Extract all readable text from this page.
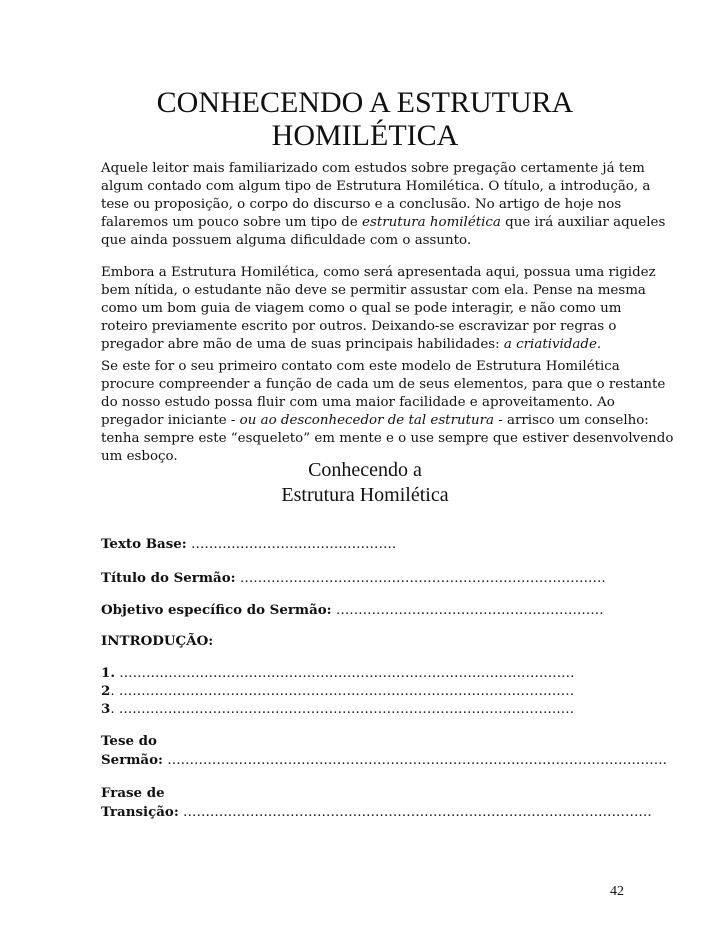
CONHECENDO A ESTRUTURA
HOMILÉTICA
Aquele leitor mais familiarizado com estudos sobre pregação certamente já tem
algum contado com algum tipo de Estrutura Homilética. O título, a introdução, a
tese ou proposição, o corpo do discurso e a conclusão. No artigo de hoje nos
falaremos um pouco sobre um tipo de estrutura homilética que irá auxiliar aqueles
que ainda possuem alguma dificuldade com o assunto.
Embora a Estrutura Homilética, como será apresentada aqui, possua uma rigidez
bem nítida, o estudante não deve se permitir assustar com ela. Pense na mesma
como um bom guia de viagem como o qual se pode interagir, e não como um
roteiro previamente escrito por outros. Deixando-se escravizar por regras o
pregador abre mão de uma de suas principais habilidades: a criatividade.
Se este for o seu primeiro contato com este modelo de Estrutura Homilética
procure compreender a função de cada um de seus elementos, para que o restante
do nosso estudo possa fluir com uma maior facilidade e aproveitamento. Ao
pregador iniciante - ou ao desconhecedor de tal estrutura - arrisco um conselho:
tenha sempre este “esqueleto” em mente e o use sempre que estiver desenvolvendo
um esboço.
Conhecendo a
Estrutura Homilética
Texto Base: ……………………………………….
Título do Sermão: ……………………………………………………………………….
Objetivo específico do Sermão: ……………………………………………………
INTRODUÇÃO:
1. …………………………………………………………………………………………
2. …………………………………………………………………………………………
3. …………………………………………………………………………………………
Tese do
Sermão: ………………………………………………………………………………………………….
Frase de
Transição: ……………………………………………………………………………………………
42
